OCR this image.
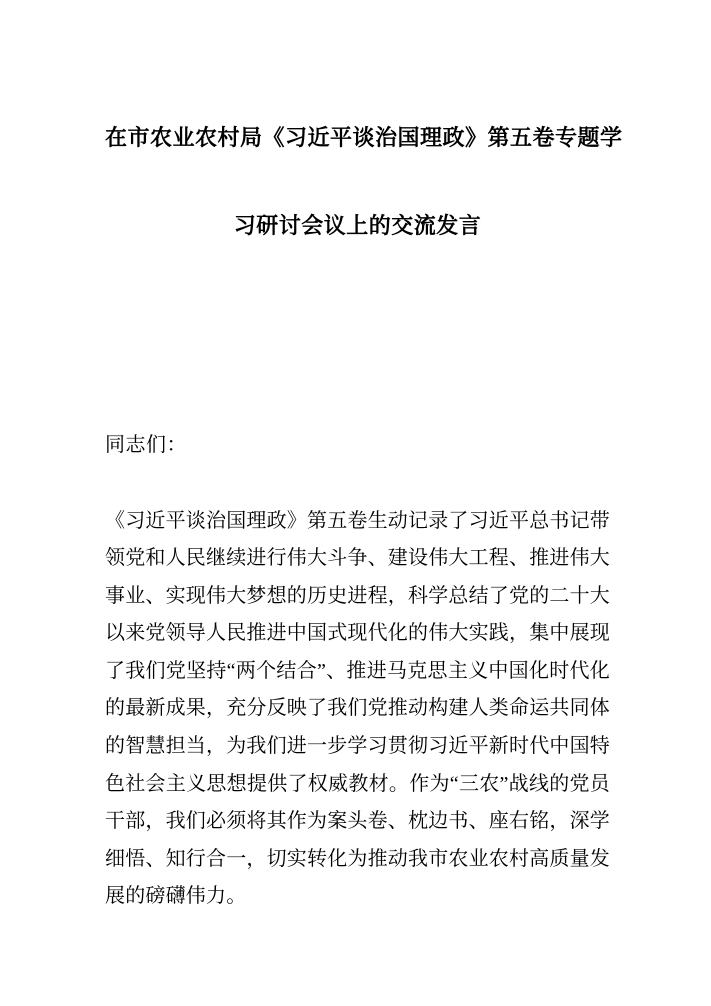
在市农业农村局《习近平谈治国理政》第五卷专题学
习研讨会议上的交流发言
同志们：
《习近平谈治国理政》第五卷生动记录了习近平总书记带领党和人民继续进行伟大斗争、建设伟大工程、推进伟大事业、实现伟大梦想的历史进程，科学总结了党的二十大以来党领导人民推进中国式现代化的伟大实践，集中展现了我们党坚持“两个结合”、推进马克思主义中国化时代化的最新成果，充分反映了我们党推动构建人类命运共同体的智慧担当，为我们进一步学习贯彻习近平新时代中国特色社会主义思想提供了权威教材。作为“三农”战线的党员干部，我们必须将其作为案头卷、枕边书、座右铭，深学细悟、知行合一，切实转化为推动我市农业农村高质量发展的磅礴伟力。
